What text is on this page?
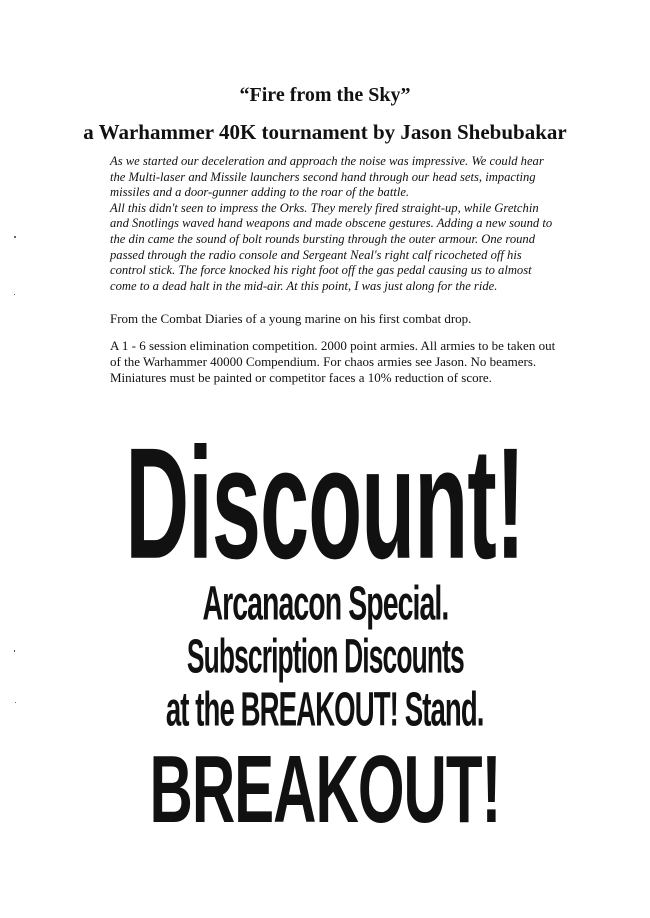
“Fire from the Sky”
a Warhammer 40K tournament by Jason Shebubakar

As we started our deceleration and approach the noise was impressive. We could hear
the Multi-laser and Missile launchers second hand through our head sets, impacting
missiles and a door-gunner adding to the roar of the battle.
All this didn't seen to impress the Orks. They merely fired straight-up, while Gretchin
and Snotlings waved hand weapons and made obscene gestures. Adding a new sound to
the din came the sound of bolt rounds bursting through the outer armour. One round
passed through the radio console and Sergeant Neal's right calf ricocheted off his
control stick. The force knocked his right foot off the gas pedal causing us to almost
come to a dead halt in the mid-air. At this point, I was just along for the ride.

From the Combat Diaries of a young marine on his first combat drop.

A 1 - 6 session elimination competition. 2000 point armies. All armies to be taken out
of the Warhammer 40000 Compendium. For chaos armies see Jason. No beamers.
Miniatures must be painted or competitor faces a 10% reduction of score.

Discount!
Arcanacon Special.
Subscription Discounts
at the BREAKOUT! Stand.
BREAKOUT!
